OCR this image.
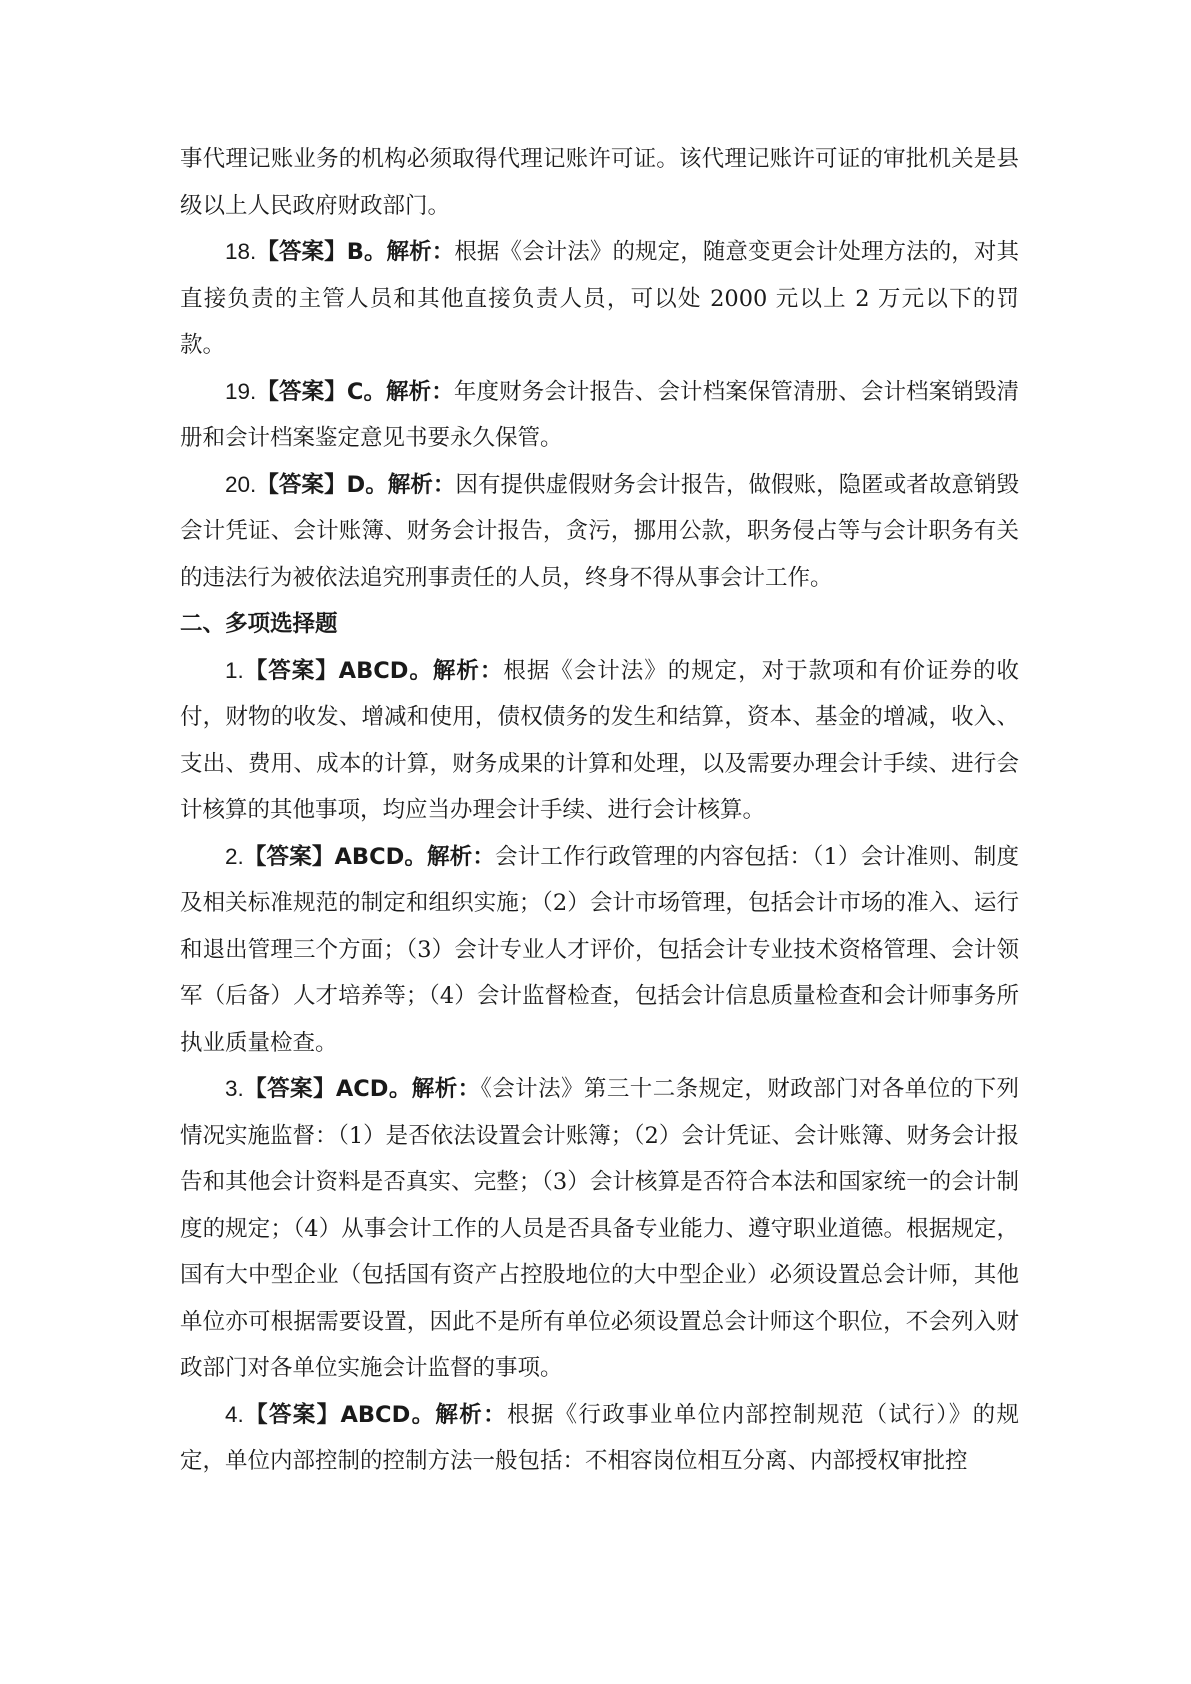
事代理记账业务的机构必须取得代理记账许可证。该代理记账许可证的审批机关是县级以上人民政府财政部门。

18.【答案】B。解析：根据《会计法》的规定，随意变更会计处理方法的，对其直接负责的主管人员和其他直接负责人员，可以处 2000 元以上 2 万元以下的罚款。

19.【答案】C。解析：年度财务会计报告、会计档案保管清册、会计档案销毁清册和会计档案鉴定意见书要永久保管。

20.【答案】D。解析：因有提供虚假财务会计报告，做假账，隐匿或者故意销毁会计凭证、会计账簿、财务会计报告，贪污，挪用公款，职务侵占等与会计职务有关的违法行为被依法追究刑事责任的人员，终身不得从事会计工作。

二、多项选择题

1.【答案】ABCD。解析：根据《会计法》的规定，对于款项和有价证券的收付，财物的收发、增减和使用，债权债务的发生和结算，资本、基金的增减，收入、支出、费用、成本的计算，财务成果的计算和处理，以及需要办理会计手续、进行会计核算的其他事项，均应当办理会计手续、进行会计核算。

2.【答案】ABCD。解析：会计工作行政管理的内容包括：（1）会计准则、制度及相关标准规范的制定和组织实施；（2）会计市场管理，包括会计市场的准入、运行和退出管理三个方面；（3）会计专业人才评价，包括会计专业技术资格管理、会计领军（后备）人才培养等；（4）会计监督检查，包括会计信息质量检查和会计师事务所执业质量检查。

3.【答案】ACD。解析：《会计法》第三十二条规定，财政部门对各单位的下列情况实施监督：（1）是否依法设置会计账簿；（2）会计凭证、会计账簿、财务会计报告和其他会计资料是否真实、完整；（3）会计核算是否符合本法和国家统一的会计制度的规定；（4）从事会计工作的人员是否具备专业能力、遵守职业道德。根据规定，国有大中型企业（包括国有资产占控股地位的大中型企业）必须设置总会计师，其他单位亦可根据需要设置，因此不是所有单位必须设置总会计师这个职位，不会列入财政部门对各单位实施会计监督的事项。

4.【答案】ABCD。解析：根据《行政事业单位内部控制规范（试行）》的规定，单位内部控制的控制方法一般包括：不相容岗位相互分离、内部授权审批控
